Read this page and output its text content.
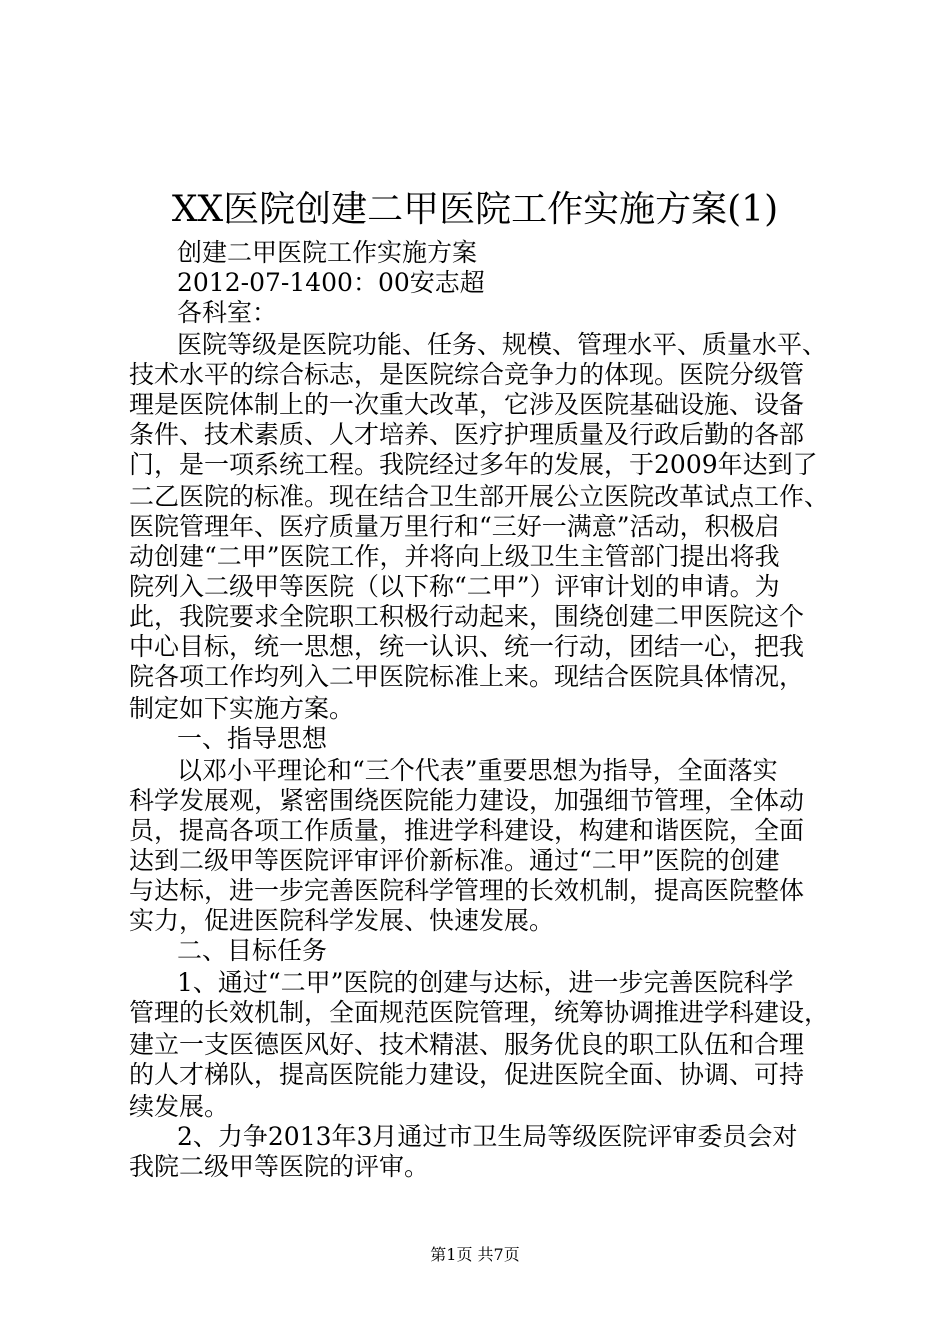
XX医院创建二甲医院工作实施方案(1)
创建二甲医院工作实施方案
2012-07-1400：00安志超
各科室：
医院等级是医院功能、任务、规模、管理水平、质量水平、
技术水平的综合标志，是医院综合竞争力的体现。医院分级管
理是医院体制上的一次重大改革，它涉及医院基础设施、设备
条件、技术素质、人才培养、医疗护理质量及行政后勤的各部
门，是一项系统工程。我院经过多年的发展，于2009年达到了
二乙医院的标准。现在结合卫生部开展公立医院改革试点工作、
医院管理年、医疗质量万里行和“三好一满意”活动，积极启
动创建“二甲”医院工作，并将向上级卫生主管部门提出将我
院列入二级甲等医院（以下称“二甲”）评审计划的申请。为
此，我院要求全院职工积极行动起来，围绕创建二甲医院这个
中心目标，统一思想，统一认识、统一行动，团结一心，把我
院各项工作均列入二甲医院标准上来。现结合医院具体情况，
制定如下实施方案。
一、指导思想
以邓小平理论和“三个代表”重要思想为指导，全面落实
科学发展观，紧密围绕医院能力建设，加强细节管理，全体动
员，提高各项工作质量，推进学科建设，构建和谐医院，全面
达到二级甲等医院评审评价新标准。通过“二甲”医院的创建
与达标，进一步完善医院科学管理的长效机制，提高医院整体
实力，促进医院科学发展、快速发展。
二、目标任务
1、通过“二甲”医院的创建与达标，进一步完善医院科学
管理的长效机制，全面规范医院管理，统筹协调推进学科建设，
建立一支医德医风好、技术精湛、服务优良的职工队伍和合理
的人才梯队，提高医院能力建设，促进医院全面、协调、可持
续发展。
2、力争2013年3月通过市卫生局等级医院评审委员会对
我院二级甲等医院的评审。
第1页 共7页
